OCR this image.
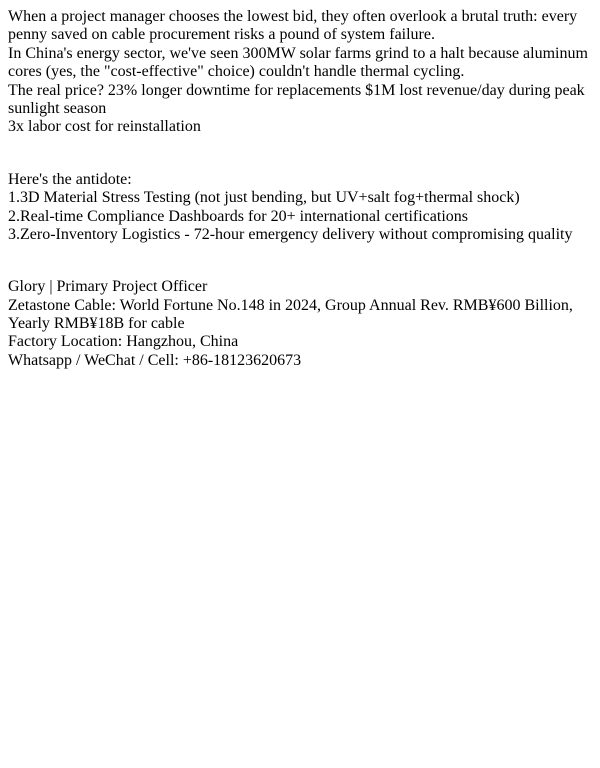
When a project manager chooses the lowest bid, they often overlook a brutal truth: every penny saved on cable procurement risks a pound of system failure.
In China's energy sector, we've seen 300MW solar farms grind to a halt because aluminum cores (yes, the "cost-effective" choice) couldn't handle thermal cycling.
The real price? 23% longer downtime for replacements $1M lost revenue/day during peak sunlight season
3x labor cost for reinstallation
Here's the antidote:
1.3D Material Stress Testing (not just bending, but UV+salt fog+thermal shock)
2.Real-time Compliance Dashboards for 20+ international certifications
3.Zero-Inventory Logistics - 72-hour emergency delivery without compromising quality
Glory | Primary Project Officer
Zetastone Cable: World Fortune No.148 in 2024, Group Annual Rev. RMB¥600 Billion, Yearly RMB¥18B for cable
Factory Location: Hangzhou, China
Whatsapp / WeChat / Cell: +86-18123620673
